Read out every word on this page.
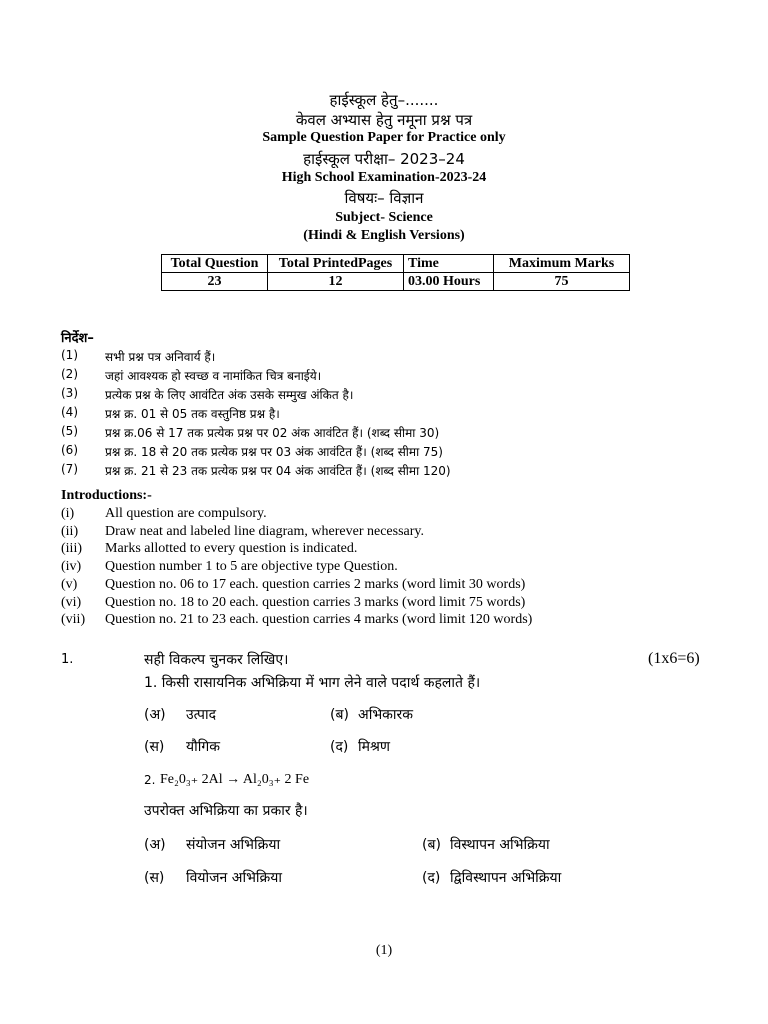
हाईस्कूल हेतु–.......
केवल अभ्यास हेतु नमूना प्रश्न पत्र
Sample Question Paper for Practice only
हाईस्कूल परीक्षा– 2023–24
High School Examination-2023-24
विषयः– विज्ञान
Subject- Science
(Hindi & English Versions)
Total Question	Total PrintedPages	Time	Maximum Marks
23	12	03.00 Hours	75
निर्देश–
(1) सभी प्रश्न पत्र अनिवार्य हैं।
(2) जहां आवश्यक हो स्वच्छ व नामांकित चित्र बनाईये।
(3) प्रत्येक प्रश्न के लिए आवंटित अंक उसके सम्मुख अंकित है।
(4) प्रश्न क्र. 01 से 05 तक वस्तुनिष्ठ प्रश्न है।
(5) प्रश्न क्र.06 से 17 तक प्रत्येक प्रश्न पर 02 अंक आवंटित हैं। (शब्द सीमा 30)
(6) प्रश्न क्र. 18 से 20 तक प्रत्येक प्रश्न पर 03 अंक आवंटित हैं। (शब्द सीमा 75)
(7) प्रश्न क्र. 21 से 23 तक प्रत्येक प्रश्न पर 04 अंक आवंटित हैं। (शब्द सीमा 120)
Introductions:-
(i) All question are compulsory.
(ii) Draw neat and labeled line diagram, wherever necessary.
(iii) Marks allotted to every question is indicated.
(iv) Question number 1 to 5 are objective type Question.
(v) Question no. 06 to 17 each. question carries 2 marks (word limit 30 words)
(vi) Question no. 18 to 20 each. question carries 3 marks (word limit 75 words)
(vii) Question no. 21 to 23 each. question carries 4 marks (word limit 120 words)
1.	सही विकल्प चुनकर लिखिए।	(1x6=6)
1. किसी रासायनिक अभिक्रिया में भाग लेने वाले पदार्थ कहलाते हैं।
(अ) उत्पाद	(ब) अभिकारक
(स) यौगिक	(द) मिश्रण
2. Fe₂0₃₊ 2Al → Al₂0₃₊ 2 Fe
उपरोक्त अभिक्रिया का प्रकार है।
(अ) संयोजन अभिक्रिया	(ब) विस्थापन अभिक्रिया
(स) वियोजन अभिक्रिया	(द) द्विविस्थापन अभिक्रिया
(1)
